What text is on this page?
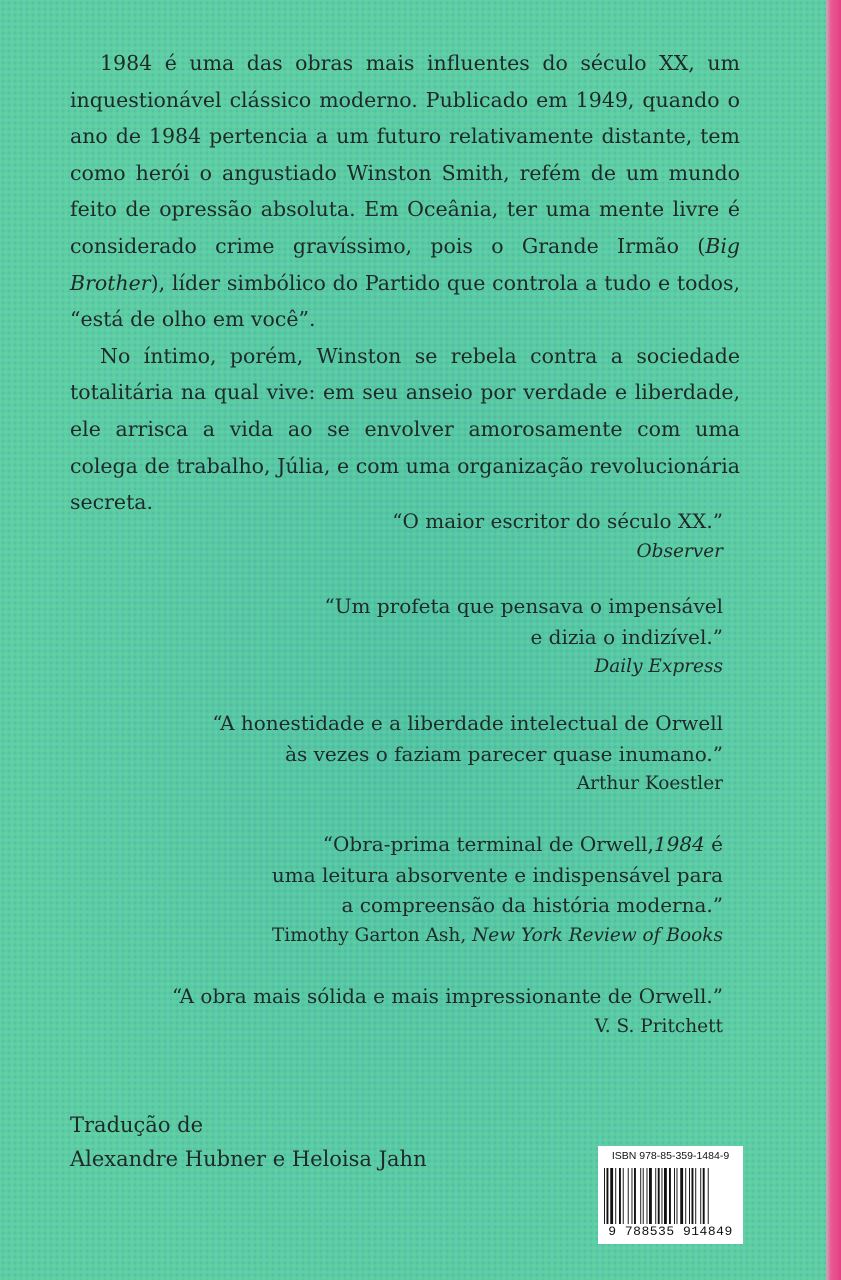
1984 é uma das obras mais influentes do século XX, um inquestionável clássico moderno. Publicado em 1949, quando o ano de 1984 pertencia a um futuro relativamente distante, tem como herói o angustiado Winston Smith, refém de um mundo feito de opressão absoluta. Em Oceânia, ter uma mente livre é considerado crime gravíssimo, pois o Grande Irmão (Big Brother), líder simbólico do Partido que controla a tudo e todos, “está de olho em você”.

No íntimo, porém, Winston se rebela contra a sociedade totalitária na qual vive: em seu anseio por verdade e liberdade, ele arrisca a vida ao se envolver amorosamente com uma colega de trabalho, Júlia, e com uma organização revolucionária secreta.

“O maior escritor do século XX.”
Observer
“Um profeta que pensava o impensável
e dizia o indizível.”
Daily Express
“A honestidade e a liberdade intelectual de Orwell
às vezes o faziam parecer quase inumano.”
Arthur Koestler
“Obra-prima terminal de Orwell,1984 é
uma leitura absorvente e indispensável para
a compreensão da história moderna.”
Timothy Garton Ash, New York Review of Books
“A obra mais sólida e mais impressionante de Orwell.”
V. S. Pritchett
Tradução de
Alexandre Hubner e Heloisa Jahn	ISBN 978-85-359-1484-9
9 788535 914849
